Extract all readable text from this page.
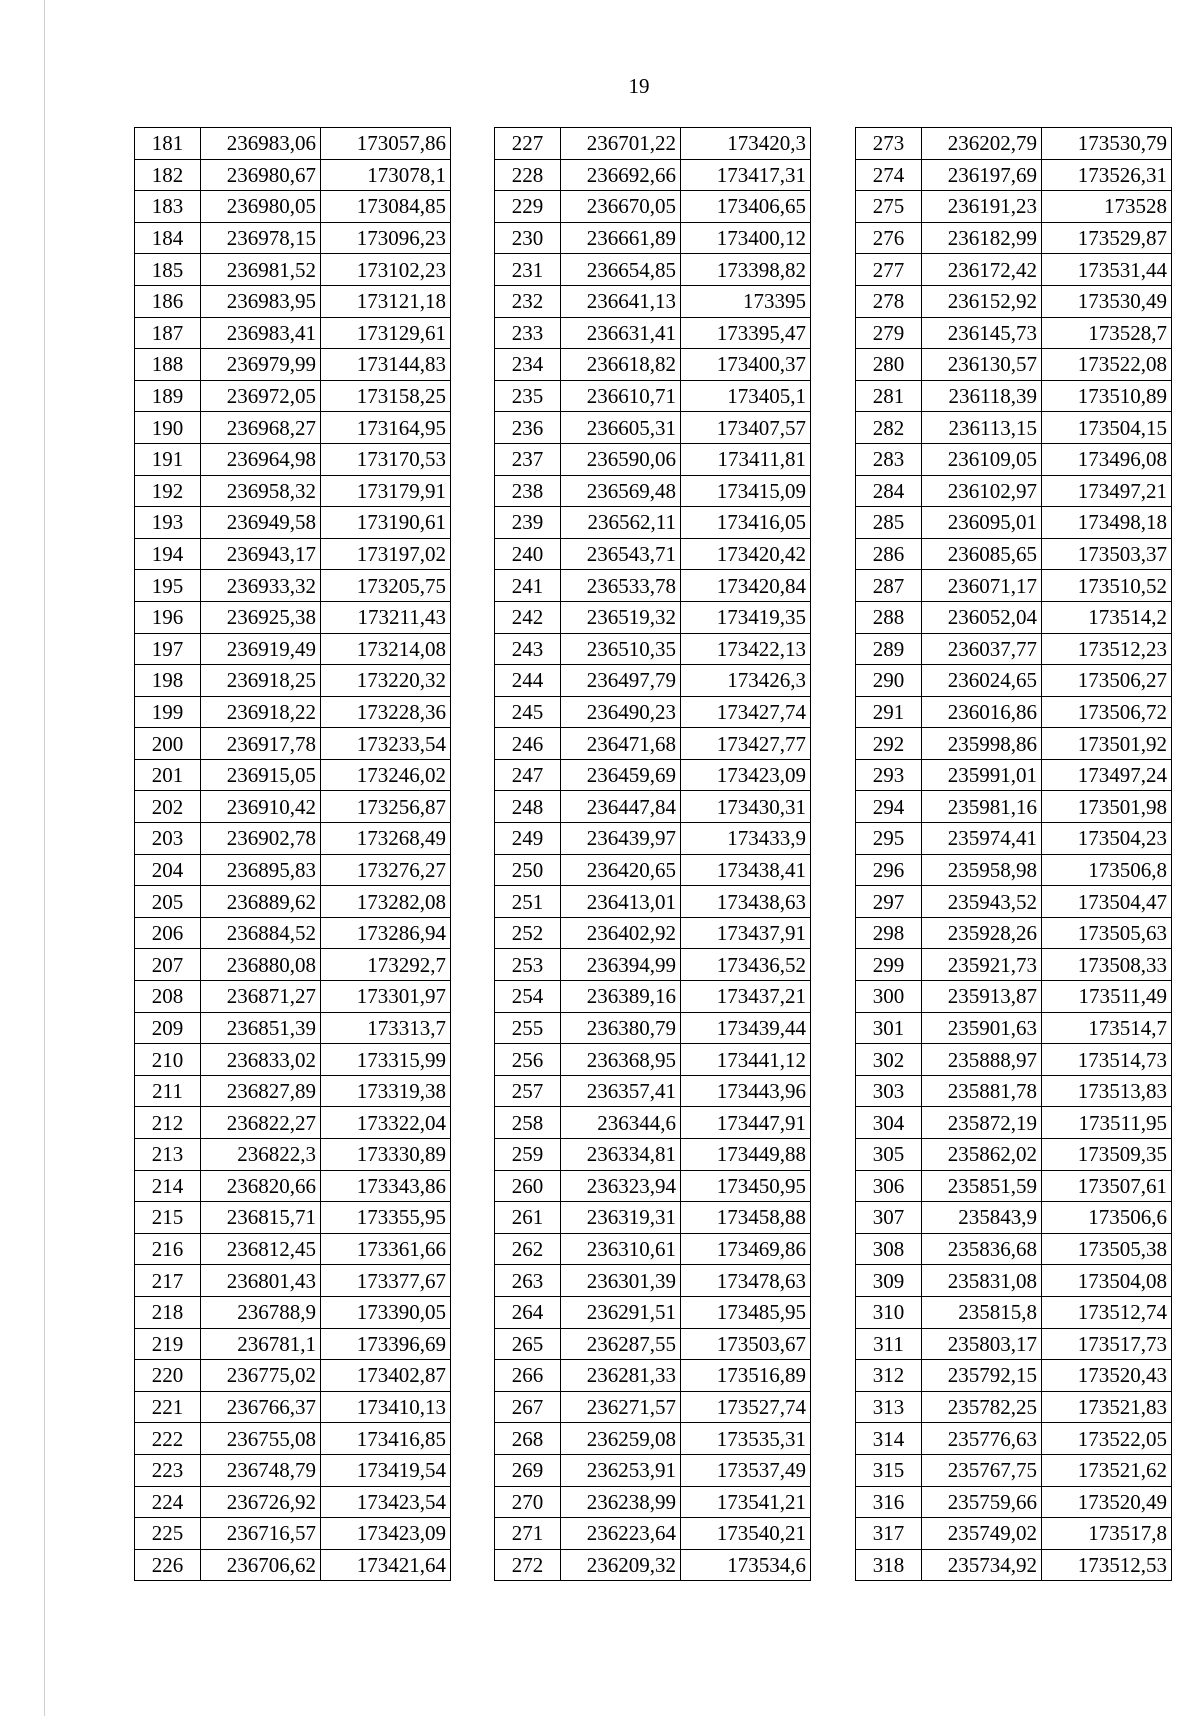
19
181	236983,06	173057,86
182	236980,67	173078,1
183	236980,05	173084,85
184	236978,15	173096,23
185	236981,52	173102,23
186	236983,95	173121,18
187	236983,41	173129,61
188	236979,99	173144,83
189	236972,05	173158,25
190	236968,27	173164,95
191	236964,98	173170,53
192	236958,32	173179,91
193	236949,58	173190,61
194	236943,17	173197,02
195	236933,32	173205,75
196	236925,38	173211,43
197	236919,49	173214,08
198	236918,25	173220,32
199	236918,22	173228,36
200	236917,78	173233,54
201	236915,05	173246,02
202	236910,42	173256,87
203	236902,78	173268,49
204	236895,83	173276,27
205	236889,62	173282,08
206	236884,52	173286,94
207	236880,08	173292,7
208	236871,27	173301,97
209	236851,39	173313,7
210	236833,02	173315,99
211	236827,89	173319,38
212	236822,27	173322,04
213	236822,3	173330,89
214	236820,66	173343,86
215	236815,71	173355,95
216	236812,45	173361,66
217	236801,43	173377,67
218	236788,9	173390,05
219	236781,1	173396,69
220	236775,02	173402,87
221	236766,37	173410,13
222	236755,08	173416,85
223	236748,79	173419,54
224	236726,92	173423,54
225	236716,57	173423,09
226	236706,62	173421,64
227	236701,22	173420,3
228	236692,66	173417,31
229	236670,05	173406,65
230	236661,89	173400,12
231	236654,85	173398,82
232	236641,13	173395
233	236631,41	173395,47
234	236618,82	173400,37
235	236610,71	173405,1
236	236605,31	173407,57
237	236590,06	173411,81
238	236569,48	173415,09
239	236562,11	173416,05
240	236543,71	173420,42
241	236533,78	173420,84
242	236519,32	173419,35
243	236510,35	173422,13
244	236497,79	173426,3
245	236490,23	173427,74
246	236471,68	173427,77
247	236459,69	173423,09
248	236447,84	173430,31
249	236439,97	173433,9
250	236420,65	173438,41
251	236413,01	173438,63
252	236402,92	173437,91
253	236394,99	173436,52
254	236389,16	173437,21
255	236380,79	173439,44
256	236368,95	173441,12
257	236357,41	173443,96
258	236344,6	173447,91
259	236334,81	173449,88
260	236323,94	173450,95
261	236319,31	173458,88
262	236310,61	173469,86
263	236301,39	173478,63
264	236291,51	173485,95
265	236287,55	173503,67
266	236281,33	173516,89
267	236271,57	173527,74
268	236259,08	173535,31
269	236253,91	173537,49
270	236238,99	173541,21
271	236223,64	173540,21
272	236209,32	173534,6
273	236202,79	173530,79
274	236197,69	173526,31
275	236191,23	173528
276	236182,99	173529,87
277	236172,42	173531,44
278	236152,92	173530,49
279	236145,73	173528,7
280	236130,57	173522,08
281	236118,39	173510,89
282	236113,15	173504,15
283	236109,05	173496,08
284	236102,97	173497,21
285	236095,01	173498,18
286	236085,65	173503,37
287	236071,17	173510,52
288	236052,04	173514,2
289	236037,77	173512,23
290	236024,65	173506,27
291	236016,86	173506,72
292	235998,86	173501,92
293	235991,01	173497,24
294	235981,16	173501,98
295	235974,41	173504,23
296	235958,98	173506,8
297	235943,52	173504,47
298	235928,26	173505,63
299	235921,73	173508,33
300	235913,87	173511,49
301	235901,63	173514,7
302	235888,97	173514,73
303	235881,78	173513,83
304	235872,19	173511,95
305	235862,02	173509,35
306	235851,59	173507,61
307	235843,9	173506,6
308	235836,68	173505,38
309	235831,08	173504,08
310	235815,8	173512,74
311	235803,17	173517,73
312	235792,15	173520,43
313	235782,25	173521,83
314	235776,63	173522,05
315	235767,75	173521,62
316	235759,66	173520,49
317	235749,02	173517,8
318	235734,92	173512,53
